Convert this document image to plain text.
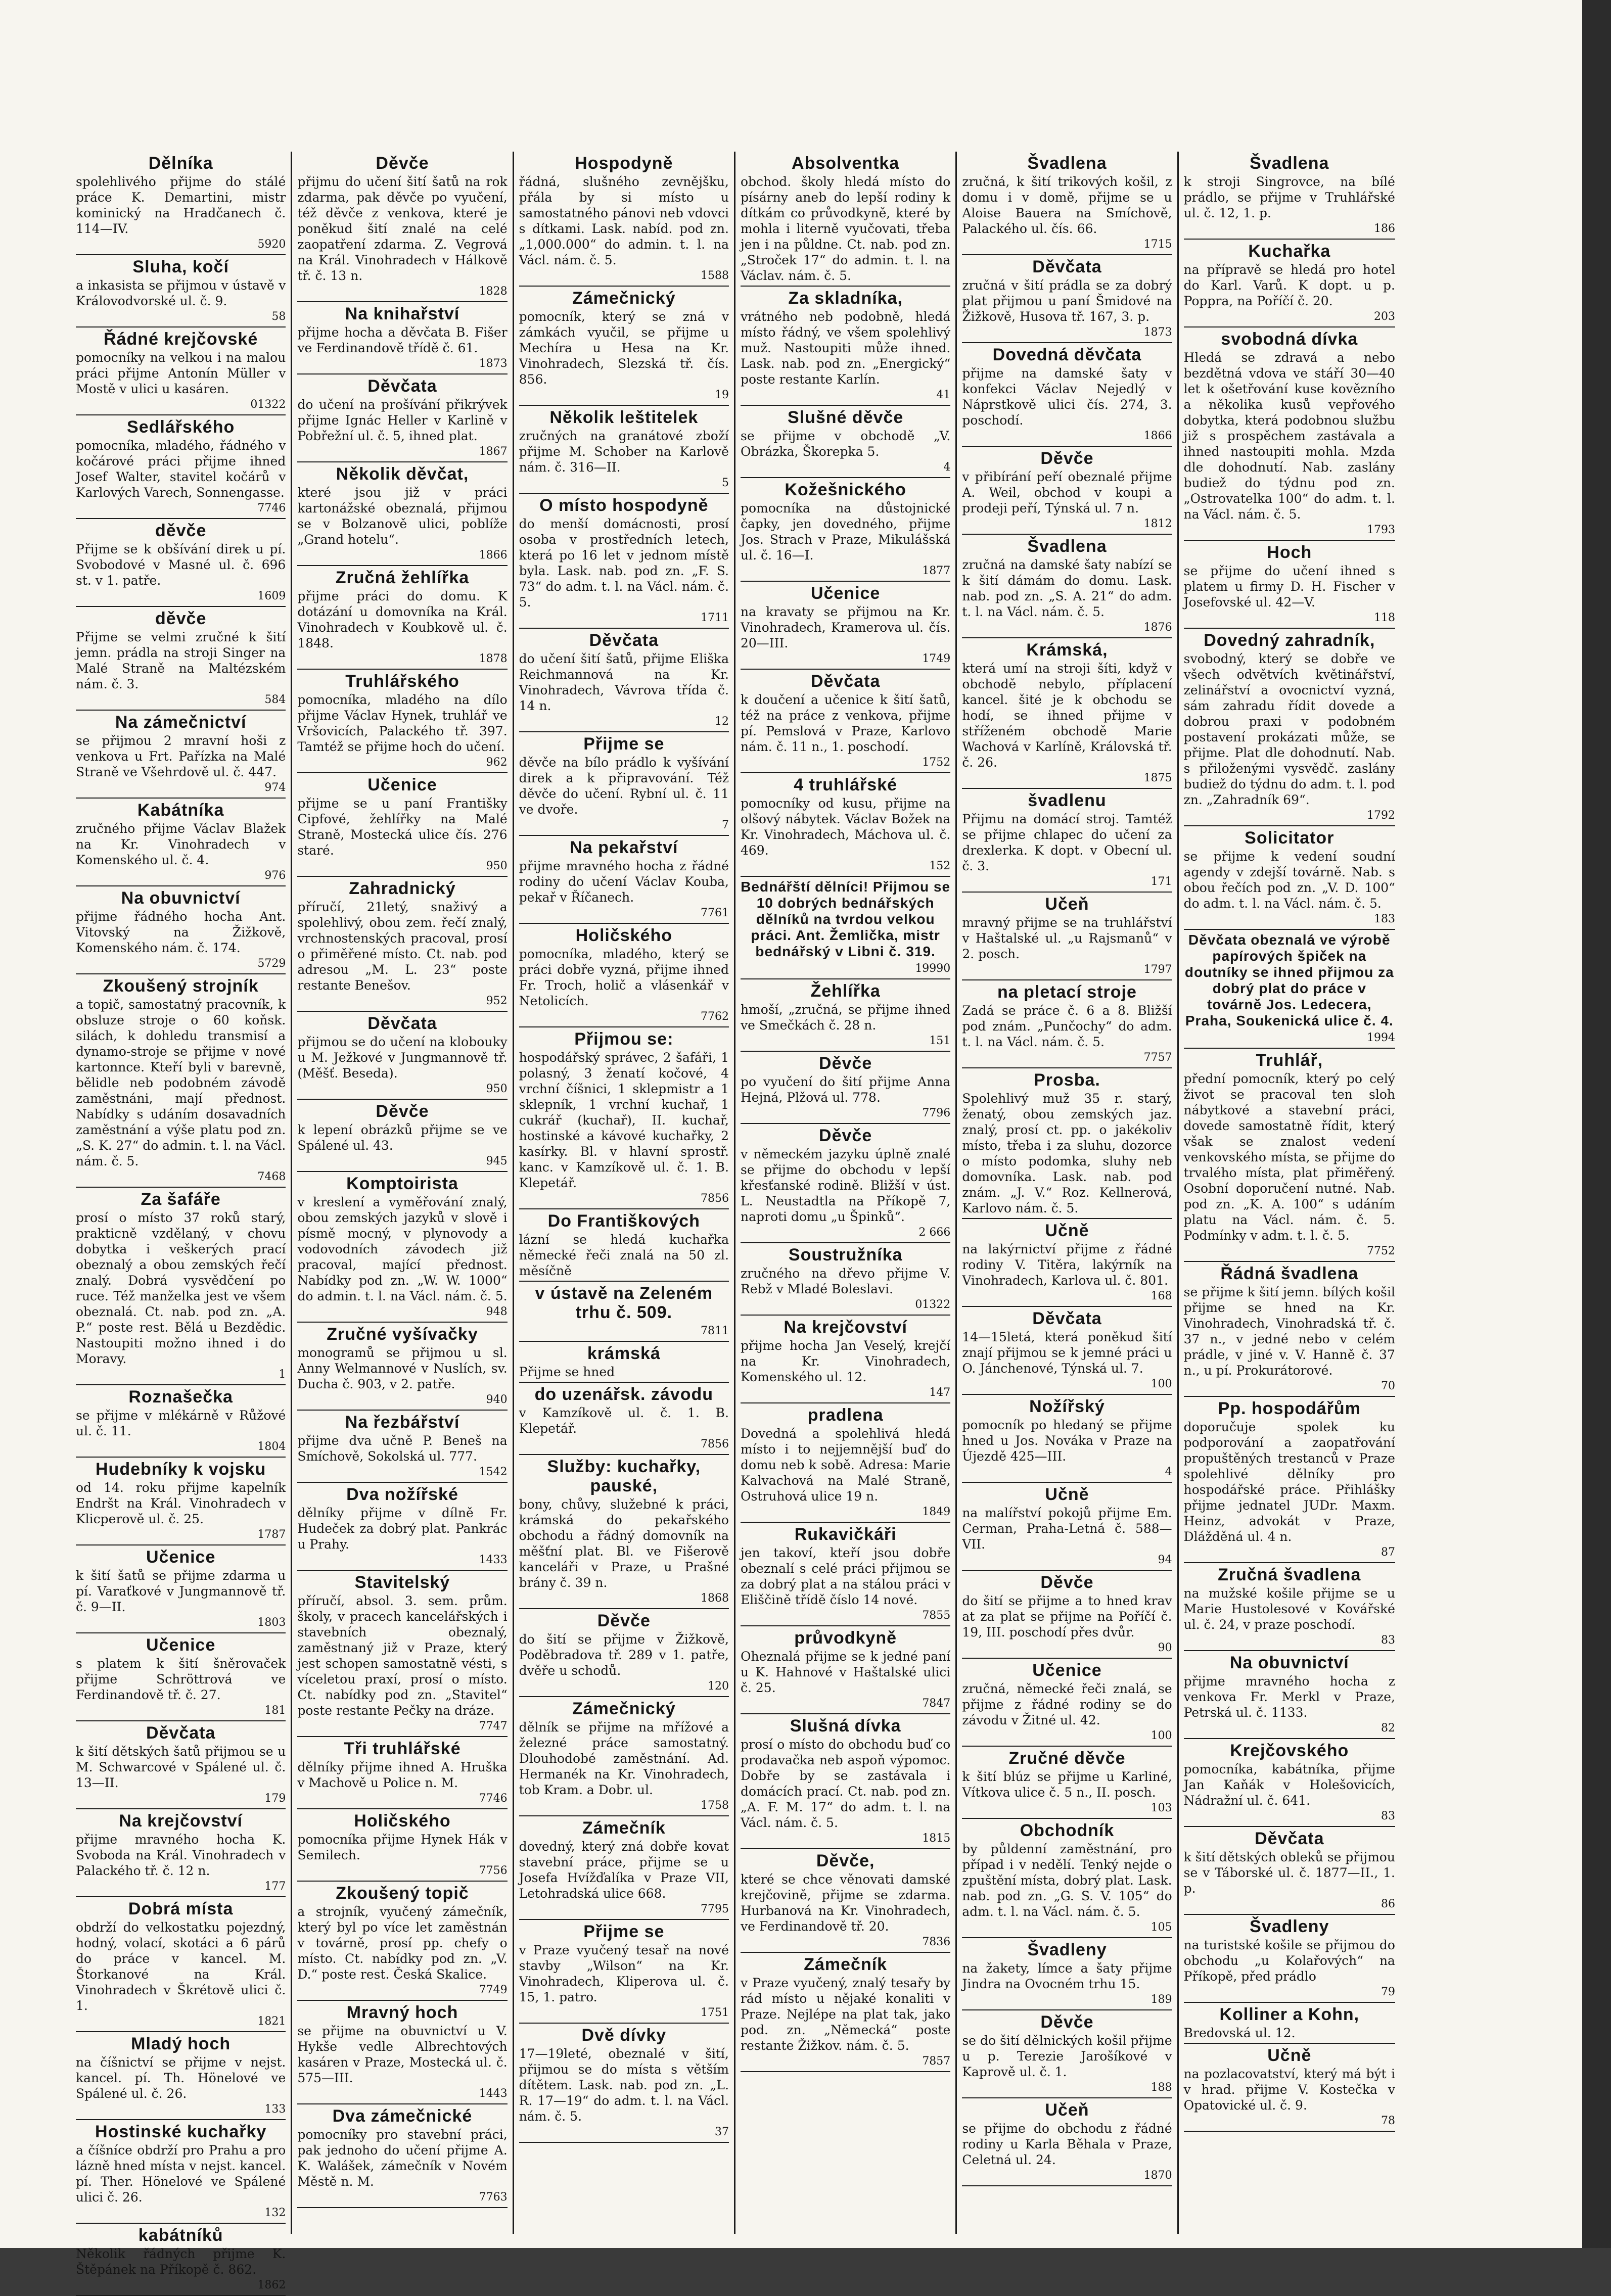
Dělníka
spolehlivého přijme do stálé práce K. Demartini, mistr kominický na Hradčanech č. 114—IV.
5920
Sluha, kočí
a inkasista se přijmou v ústavě v Královodvorské ul. č. 9.
58
Řádné krejčovské
pomocníky na velkou i na malou práci přijme Antonín Müller v Mostě v ulici u kasáren.
01322
Sedlářského
pomocníka, mladého, řádného v kočárové práci přijme ihned Josef Walter, stavitel kočárů v Karlových Varech, Sonnengasse.
7746
děvče
Přijme se k obšívání direk u pí. Svobodové v Masné ul. č. 696 st. v 1. patře.
1609
děvče
Přijme se velmi zručné k šití jemn. prádla na stroji Singer na Malé Straně na Maltézském nám. č. 3.
584
Na zámečnictví
se přijmou 2 mravní hoši z venkova u Frt. Pařízka na Malé Straně ve Všehrdově ul. č. 447.
974
Kabátníka
zručného přijme Václav Blažek na Kr. Vinohradech v Komenského ul. č. 4.
976
Na obuvnictví
přijme řádného hocha Ant. Vitovský na Žižkově, Komenského nám. č. 174.
5729
Zkoušený strojník
a topič, samostatný pracovník, k obsluze stroje o 60 koňsk. silách, k dohledu transmisí a dynamo-stroje se přijme v nové kartonnce. Kteří byli v barevně, bělidle neb podobném závodě zaměstnáni, mají přednost. Nabídky s udáním dosavadních zaměstnání a výše platu pod zn. „S. K. 27“ do admin. t. l. na Václ. nám. č. 5.
7468
Za šafáře
prosí o místo 37 roků starý, prakticně vzdělaný, v chovu dobytka i veškerých prací obeznalý a obou zemských řečí znalý. Dobrá vysvědčení po ruce. Též manželka jest ve všem obeznalá. Ct. nab. pod zn. „A. P.“ poste rest. Bělá u Bezdědic. Nastoupiti možno ihned i do Moravy.
1
Roznašečka
se přijme v mlékárně v Růžové ul. č. 11.
1804
Hudebníky k vojsku
od 14. roku přijme kapelník Endršt na Král. Vinohradech v Klicperově ul. č. 25.
1787
Učenice
k šití šatů se přijme zdarma u pí. Varaťkové v Jungmannově tř. č. 9—II.
1803
Učenice
s platem k šití šněrovaček přijme Schröttrová ve Ferdinandově tř. č. 27.
181
Děvčata
k šití dětských šatů přijmou se u M. Schwarcové v Spálené ul. č. 13—II.
179
Na krejčovství
přijme mravného hocha K. Svoboda na Král. Vinohradech v Palackého tř. č. 12 n.
177
Dobrá místa
obdrží do velkostatku pojezdný, hodný, volací, skotáci a 6 párů do práce v kancel. M. Štorkanové na Král. Vinohradech v Škrétově ulici č. 1.
1821
Mladý hoch
na číšnictví se přijme v nejst. kancel. pí. Th. Hönelové ve Spálené ul. č. 26.
133
Hostinské kuchařky
a číšníce obdrží pro Prahu a pro lázně hned místa v nejst. kancel. pí. Ther. Hönelové ve Spálené ulici č. 26.
132
kabátníků
Několik řádných přijme K. Štěpánek na Příkopě č. 862.
1862
Děvče
přijmu do učení šití šatů na rok zdarma, pak děvče po vyučení, též děvče z venkova, které je poněkud šití znalé na celé zaopatření zdarma. Z. Vegrová na Král. Vinohradech v Hálkově tř. č. 13 n.
1828
Na knihařství
přijme hocha a děvčata B. Fišer ve Ferdinandově třídě č. 61.
1873
Děvčata
do učení na prošívání přikrývek přijme Ignác Heller v Karlině v Pobřežní ul. č. 5, ihned plat.
1867
Několik děvčat,
které jsou již v práci kartonážské obeznalá, přijmou se v Bolzanově ulici, poblíže „Grand hotelu“.
1866
Zručná žehlířka
přijme práci do domu. K dotázání u domovníka na Král. Vinohradech v Koubkově ul. č. 1848.
1878
Truhlářského
pomocníka, mladého na dílo přijme Václav Hynek, truhlář ve Vršovicích, Palackého tř. 397. Tamtéž se přijme hoch do učení.
962
Učenice
přijme se u paní Františky Cipfové, žehlířky na Malé Straně, Mostecká ulice čís. 276 staré.
950
Zahradnický
příručí, 21letý, snaživý a spolehlivý, obou zem. řečí znalý, vrchnostenských pracoval, prosí o přiměřené místo. Ct. nab. pod adresou „M. L. 23“ poste restante Benešov.
952
Děvčata
přijmou se do učení na klobouky u M. Ježkové v Jungmannově tř. (Měšť. Beseda).
950
Děvče
k lepení obrázků přijme se ve Spálené ul. 43.
945
Komptoirista
v kreslení a vyměřování znalý, obou zemských jazyků v slově i písmě mocný, v plynovody a vodovodních závodech již pracoval, mající přednost. Nabídky pod zn. „W. W. 1000“ do admin. t. l. na Václ. nám. č. 5.
948
Zručné vyšívačky
monogramů se přijmou u sl. Anny Welmannové v Nuslích, sv. Ducha č. 903, v 2. patře.
940
Na řezbářství
přijme dva učně P. Beneš na Smíchově, Sokolská ul. 777.
1542
Dva nožířské
dělníky přijme v dílně Fr. Hudeček za dobrý plat. Pankrác u Prahy.
1433
Stavitelský
příručí, absol. 3. sem. prům. školy, v pracech kancelářských i stavebních obeznalý, zaměstnaný již v Praze, který jest schopen samostatně vésti, s víceletou praxí, prosí o místo. Ct. nabídky pod zn. „Stavitel“ poste restante Pečky na dráze.
7747
Tři truhlářské
dělníky přijme ihned A. Hruška v Machově u Police n. M.
7746
Holičského
pomocníka přijme Hynek Hák v Semilech.
7756
Zkoušený topič
a strojník, vyučený zámečník, který byl po více let zaměstnán v továrně, prosí pp. chefy o místo. Ct. nabídky pod zn. „V. D.“ poste rest. Česká Skalice.
7749
Mravný hoch
se přijme na obuvnictví u V. Hykše vedle Albrechtových kasáren v Praze, Mostecká ul. č. 575—III.
1443
Dva zámečnické
pomocníky pro stavební práci, pak jednoho do učení přijme A. K. Walášek, zámečník v Novém Městě n. M.
7763
Hospodyně
řádná, slušného zevnějšku, přála by si místo u samostatného pánovi neb vdovci s dítkami. Lask. nabíd. pod zn. „1,000.000“ do admin. t. l. na Václ. nám. č. 5.
1588
Zámečnický
pomocník, který se zná v zámkách vyučil, se přijme u Mechíra u Hesa na Kr. Vinohradech, Slezská tř. čís. 856.
19
Několik leštitelek
zručných na granátové zboží přijme M. Schober na Karlově nám. č. 316—II.
5
O místo hospodyně
do menší domácnosti, prosí osoba v prostředních letech, která po 16 let v jednom místě byla. Lask. nab. pod zn. „F. S. 73“ do adm. t. l. na Václ. nám. č. 5.
1711
Děvčata
do učení šití šatů, přijme Eliška Reichmannová na Kr. Vinohradech, Vávrova třída č. 14 n.
12
Přijme se
děvče na bílo prádlo k vyšívání direk a k připravování. Též děvče do učení. Rybní ul. č. 11 ve dvoře.
7
Na pekařství
přijme mravného hocha z řádné rodiny do učení Václav Kouba, pekař v Říčanech.
7761
Holičského
pomocníka, mladého, který se práci dobře vyzná, přijme ihned Fr. Troch, holič a vlásenkář v Netolicích.
7762
Přijmou se:
hospodářský správec, 2 šafáři, 1 polasný, 3 ženatí kočové, 4 vrchní číšnici, 1 sklepmistr a 1 sklepník, 1 vrchní kuchař, 1 cukrář (kuchař), II. kuchař, hostinské a kávové kuchařky, 2 kasírky. Bl. v hlavní sprostř. kanc. v Kamzíkově ul. č. 1. B. Klepetář.
7856
Do Františkových
lázní se hledá kuchařka německé řeči znalá na 50 zl. měsíčně
v ústavě na Zeleném trhu č. 509.
7811
krámská
Přijme se hned
do uzenářsk. závodu
v Kamzíkově ul. č. 1. B. Klepetář.
7856
Služby: kuchařky, pauské,
bony, chůvy, služebné k práci, krámská do pekařského obchodu a řádný domovník na měšťní plat. Bl. ve Fišerově kanceláři v Praze, u Prašné brány č. 39 n.
1868
Děvče
do šití se přijme v Žižkově, Poděbradova tř. 289 v 1. patře, dvěře u schodů.
120
Zámečnický
dělník se přijme na mřížové a železné práce samostatný. Dlouhodobé zaměstnání. Ad. Hermanék na Kr. Vinohradech, tob Kram. a Dobr. ul.
1758
Zámečník
dovedný, který zná dobře kovat stavební práce, přijme se u Josefa Hvížďalíka v Praze VII, Letohradská ulice 668.
7795
Přijme se
v Praze vyučený tesař na nové stavby „Wilson“ na Kr. Vinohradech, Kliperova ul. č. 15, 1. patro.
1751
Dvě dívky
17—19leté, obeznalé v šití, přijmou se do místa s větším dítětem. Lask. nab. pod zn. „L. R. 17—19“ do adm. t. l. na Václ. nám. č. 5.
37
Absolventka
obchod. školy hledá místo do písárny aneb do lepší rodiny k dítkám co průvodkyně, které by mohla i literně vyučovati, třeba jen i na půldne. Ct. nab. pod zn. „Stroček 17“ do admin. t. l. na Václav. nám. č. 5.
Za skladníka,
vrátného neb podobně, hledá místo řádný, ve všem spolehlivý muž. Nastoupiti může ihned. Lask. nab. pod zn. „Energický“ poste restante Karlín.
41
Slušné děvče
se přijme v obchodě „V. Obrázka, Škorepka 5.
4
Kožešnického
pomocníka na důstojnické čapky, jen dovedného, přijme Jos. Strach v Praze, Mikulášská ul. č. 16—I.
1877
Učenice
na kravaty se přijmou na Kr. Vinohradech, Kramerova ul. čís. 20—III.
1749
Děvčata
k doučení a učenice k šití šatů, též na práce z venkova, přijme pí. Pemslová v Praze, Karlovo nám. č. 11 n., 1. poschodí.
1752
4 truhlářské
pomocníky od kusu, přijme na olšový nábytek. Václav Božek na Kr. Vinohradech, Máchova ul. č. 469.
152
Bednářští dělníci! Přijmou se 10 dobrých bednářských dělníků na tvrdou velkou práci. Ant. Žemlička, mistr bednářský v Libni č. 319.
19990
Žehlířka
hmoší, „zručná, se přijme ihned ve Smečkách č. 28 n.
151
Děvče
po vyučení do šití přijme Anna Hejná, Plžová ul. 778.
7796
Děvče
v německém jazyku úplně znalé se přijme do obchodu v lepší křesťanské rodině. Bližší v úst. L. Neustadtla na Příkopě 7, naproti domu „u Špinků“.
2 666
Soustružníka
zručného na dřevo přijme V. Rebž v Mladé Boleslavi.
01322
Na krejčovství
přijme hocha Jan Veselý, krejčí na Kr. Vinohradech, Komenského ul. 12.
147
pradlena
Dovedná a spolehlivá hledá místo i to nejjemnější buď do domu neb k sobě. Adresa: Marie Kalvachová na Malé Straně, Ostruhová ulice 19 n.
1849
Rukavičkáři
jen takoví, kteří jsou dobře obeznalí s celé práci přijmou se za dobrý plat a na stálou práci v Eliščině třídě číslo 14 nové.
7855
průvodkyně
Oheznalá přijme se k jedné paní u K. Hahnové v Haštalské ulici č. 25.
7847
Slušná dívka
prosí o místo do obchodu buď co prodavačka neb aspoň výpomoc. Dobře by se zastávala i domácích prací. Ct. nab. pod zn. „A. F. M. 17“ do adm. t. l. na Václ. nám. č. 5.
1815
Děvče,
které se chce věnovati damské krejčovině, přijme se zdarma. Hurbanová na Kr. Vinohradech, ve Ferdinandově tř. 20.
7836
Zámečník
v Praze vyučený, znalý tesařy by rád místo u nějaké konaliti v Praze. Nejlépe na plat tak, jako pod. zn. „Německá“ poste restante Žižkov. nám. č. 5.
7857
Švadlena
zručná, k šití trikových košil, z domu i v domě, přijme se u Aloise Bauera na Smíchově, Palackého ul. čís. 66.
1715
Děvčata
zručná v šití prádla se za dobrý plat přijmou u paní Šmidové na Žižkově, Husova tř. 167, 3. p.
1873
Dovedná děvčata
přijme na damské šaty v konfekci Václav Nejedlý v Náprstkově ulici čís. 274, 3. poschodí.
1866
Děvče
v přibírání peří obeznalé přijme A. Weil, obchod v koupi a prodeji peří, Týnská ul. 7 n.
1812
Švadlena
zručná na damské šaty nabízí se k šití dámám do domu. Lask. nab. pod zn. „S. A. 21“ do adm. t. l. na Václ. nám. č. 5.
1876
Krámská,
která umí na stroji šíti, když v obchodě nebylo, příplacení kancel. šité je k obchodu se hodí, se ihned přijme v stříženém obchodě Marie Wachová v Karlíně, Královská tř. č. 26.
1875
švadlenu
Přijmu na domácí stroj. Tamtéž se přijme chlapec do učení za drexlerka. K dopt. v Obecní ul. č. 3.
171
Učeň
mravný přijme se na truhlářství v Haštalské ul. „u Rajsmanů“ v 2. posch.
1797
na pletací stroje
Zadá se práce č. 6 a 8. Bližší pod znám. „Punčochy“ do adm. t. l. na Václ. nám. č. 5.
7757
Prosba.
Spolehlivý muž 35 r. starý, ženatý, obou zemských jaz. znalý, prosí ct. pp. o jakékoliv místo, třeba i za sluhu, dozorce o místo podomka, sluhy neb domovníka. Lask. nab. pod znám. „J. V.“ Roz. Kellnerová, Karlovo nám. č. 5.
Učně
na lakýrnictví přijme z řádné rodiny V. Titěra, lakýrník na Vinohradech, Karlova ul. č. 801.
168
Děvčata
14—15letá, která poněkud šití znají přijmou se k jemné práci u O. Jánchenové, Týnská ul. 7.
100
Nožířský
pomocník po hledaný se přijme hned u Jos. Nováka v Praze na Újezdě 425—III.
4
Učně
na malířství pokojů přijme Em. Cerman, Praha-Letná č. 588—VII.
94
Děvče
do šití se přijme a to hned krav at za plat se přijme na Poříčí č. 19, III. poschodí přes dvůr.
90
Učenice
zručná, německé řeči znalá, se přijme z řádné rodiny se do závodu v Žitné ul. 42.
100
Zručné děvče
k šití blúz se přijme u Karliné, Vítkova ulice č. 5 n., II. posch.
103
Obchodník
by půldenní zaměstnání, pro případ i v nedělí. Tenký nejde o zpuštění místa, dobrý plat. Lask. nab. pod zn. „G. S. V. 105“ do adm. t. l. na Václ. nám. č. 5.
105
Švadleny
na žakety, límce a šaty přijme Jindra na Ovocném trhu 15.
189
Děvče
se do šití dělnických košil přijme u p. Terezie Jarošíkové v Kaprově ul. č. 1.
188
Učeň
se přijme do obchodu z řádné rodiny u Karla Běhala v Praze, Celetná ul. 24.
1870
Švadlena
k stroji Singrovce, na bílé prádlo, se přijme v Truhlářské ul. č. 12, 1. p.
186
Kuchařka
na přípravě se hledá pro hotel do Karl. Varů. K dopt. u p. Poppra, na Poříčí č. 20.
203
svobodná dívka
Hledá se zdravá a nebo bezdětná vdova ve stáří 30—40 let k ošetřování kuse kovězního a několika kusů vepřového dobytka, která podobnou službu již s prospěchem zastávala a ihned nastoupiti mohla. Mzda dle dohodnutí. Nab. zaslány budiež do týdnu pod zn. „Ostrovatelka 100“ do adm. t. l. na Václ. nám. č. 5.
1793
Hoch
se přijme do učení ihned s platem u firmy D. H. Fischer v Josefovské ul. 42—V.
118
Dovedný zahradník,
svobodný, který se dobře ve všech odvětvích květinářství, zelinářství a ovocnictví vyzná, sám zahradu řídit dovede a dobrou praxi v podobném postavení prokázati může, se přijme. Plat dle dohodnutí. Nab. s přiloženými vysvědč. zaslány budiež do týdnu do adm. t. l. pod zn. „Zahradník 69“.
1792
Solicitator
se přijme k vedení soudní agendy v zdejší továrně. Nab. s obou řečích pod zn. „V. D. 100“ do adm. t. l. na Václ. nám. č. 5.
183
Děvčata obeznalá ve výrobě papírových špiček na doutníky se ihned přijmou za dobrý plat do práce v továrně Jos. Ledecera, Praha, Soukenická ulice č. 4.
1994
Truhlář,
přední pomocník, který po celý život se pracoval ten sloh nábytkové a stavební práci, dovede samostatně řídit, který však se znalost vedení venkovského místa, se přijme do trvalého místa, plat přiměřený. Osobní doporučení nutné. Nab. pod zn. „K. A. 100“ s udáním platu na Václ. nám. č. 5. Podmínky v adm. t. l. č. 5.
7752
Řádná švadlena
se přijme k šití jemn. bílých košil přijme se hned na Kr. Vinohradech, Vinohradská tř. č. 37 n., v jedné nebo v celém prádle, v jiné v. V. Hanně č. 37 n., u pí. Prokurátorové.
70
Pp. hospodářům
doporučuje spolek ku podporování a zaopatřování propuštěných trestanců v Praze spolehlivé dělníky pro hospodářské práce. Přihlášky přijme jednatel JUDr. Maxm. Heinz, advokát v Praze, Dlážděná ul. 4 n.
87
Zručná švadlena
na mužské košile přijme se u Marie Hustolesové v Kovářské ul. č. 24, v praze poschodí.
83
Na obuvnictví
přijme mravného hocha z venkova Fr. Merkl v Praze, Petrská ul. č. 1133.
82
Krejčovského
pomocníka, kabátníka, přijme Jan Kaňák v Holešovicích, Nádražní ul. č. 641.
83
Děvčata
k šití dětských obleků se přijmou se v Táborské ul. č. 1877—II., 1. p.
86
Švadleny
na turistské košile se přijmou do obchodu „u Kolařových“ na Příkopě, před prádlo
79
Kolliner a Kohn,
Bredovská ul. 12.
Učně
na pozlacovatství, který má být i v hrad. přijme V. Kostečka v Opatovické ul. č. 9.
78
